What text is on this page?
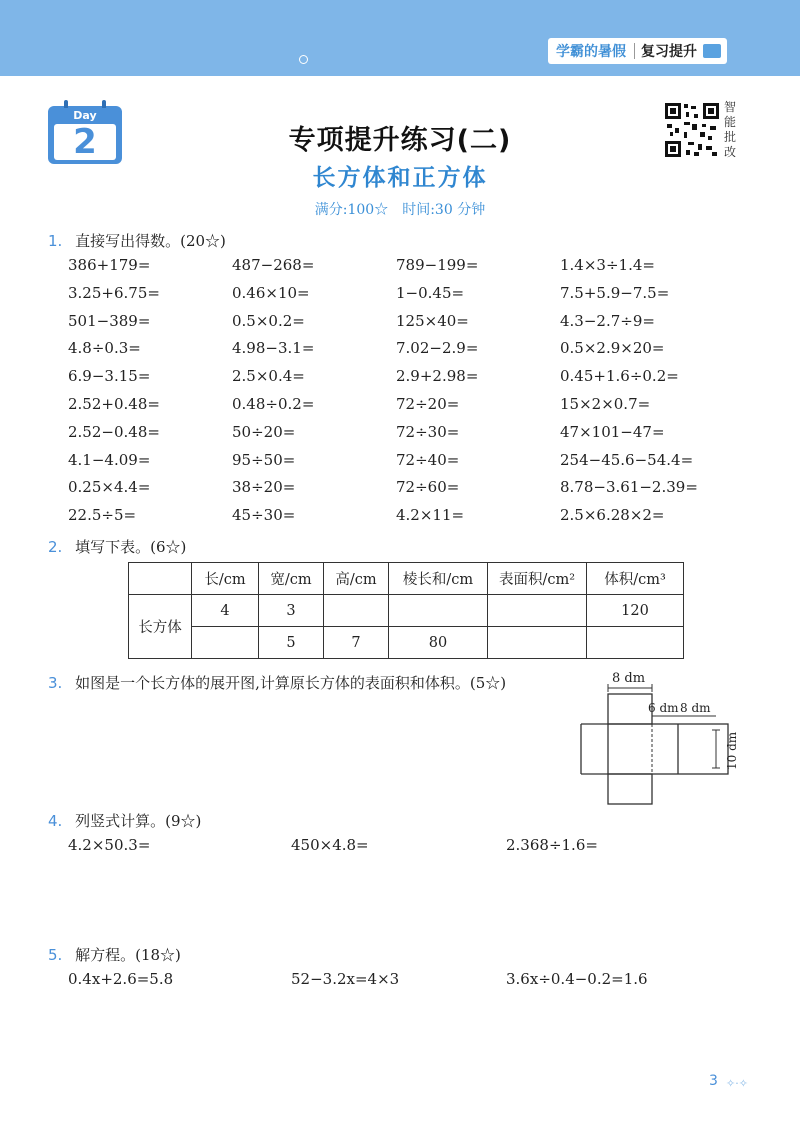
学霸的暑假	复习提升
Day
2	专项提升练习(二)
长方体和正方体
满分:100☆　时间:30 分钟
智
能
批
改
1. 直接写出得数。(20☆)
386+179=	487−268=	789−199=	1.4×3÷1.4=
3.25+6.75=	0.46×10=	1−0.45=	7.5+5.9−7.5=
501−389=	0.5×0.2=	125×40=	4.3−2.7÷9=
4.8÷0.3=	4.98−3.1=	7.02−2.9=	0.5×2.9×20=
6.9−3.15=	2.5×0.4=	2.9+2.98=	0.45+1.6÷0.2=
2.52+0.48=	0.48÷0.2=	72÷20=	15×2×0.7=
2.52−0.48=	50÷20=	72÷30=	47×101−47=
4.1−4.09=	95÷50=	72÷40=	254−45.6−54.4=
0.25×4.4=	38÷20=	72÷60=	8.78−3.61−2.39=
22.5÷5=	45÷30=	4.2×11=	2.5×6.28×2=
2. 填写下表。(6☆)
	长/cm	宽/cm	高/cm	棱长和/cm	表面积/cm²	体积/cm³
长方体	4	3				120
		5	7	80		
3. 如图是一个长方体的展开图,计算原长方体的表面积和体积。(5☆)	8 dm
6 dm 8 dm
10 dm
4. 列竖式计算。(9☆)
4.2×50.3=	450×4.8=	2.368÷1.6=
5. 解方程。(18☆)
0.4x+2.6=5.8	52−3.2x=4×3	3.6x÷0.4−0.2=1.6
3 ✧·✧
